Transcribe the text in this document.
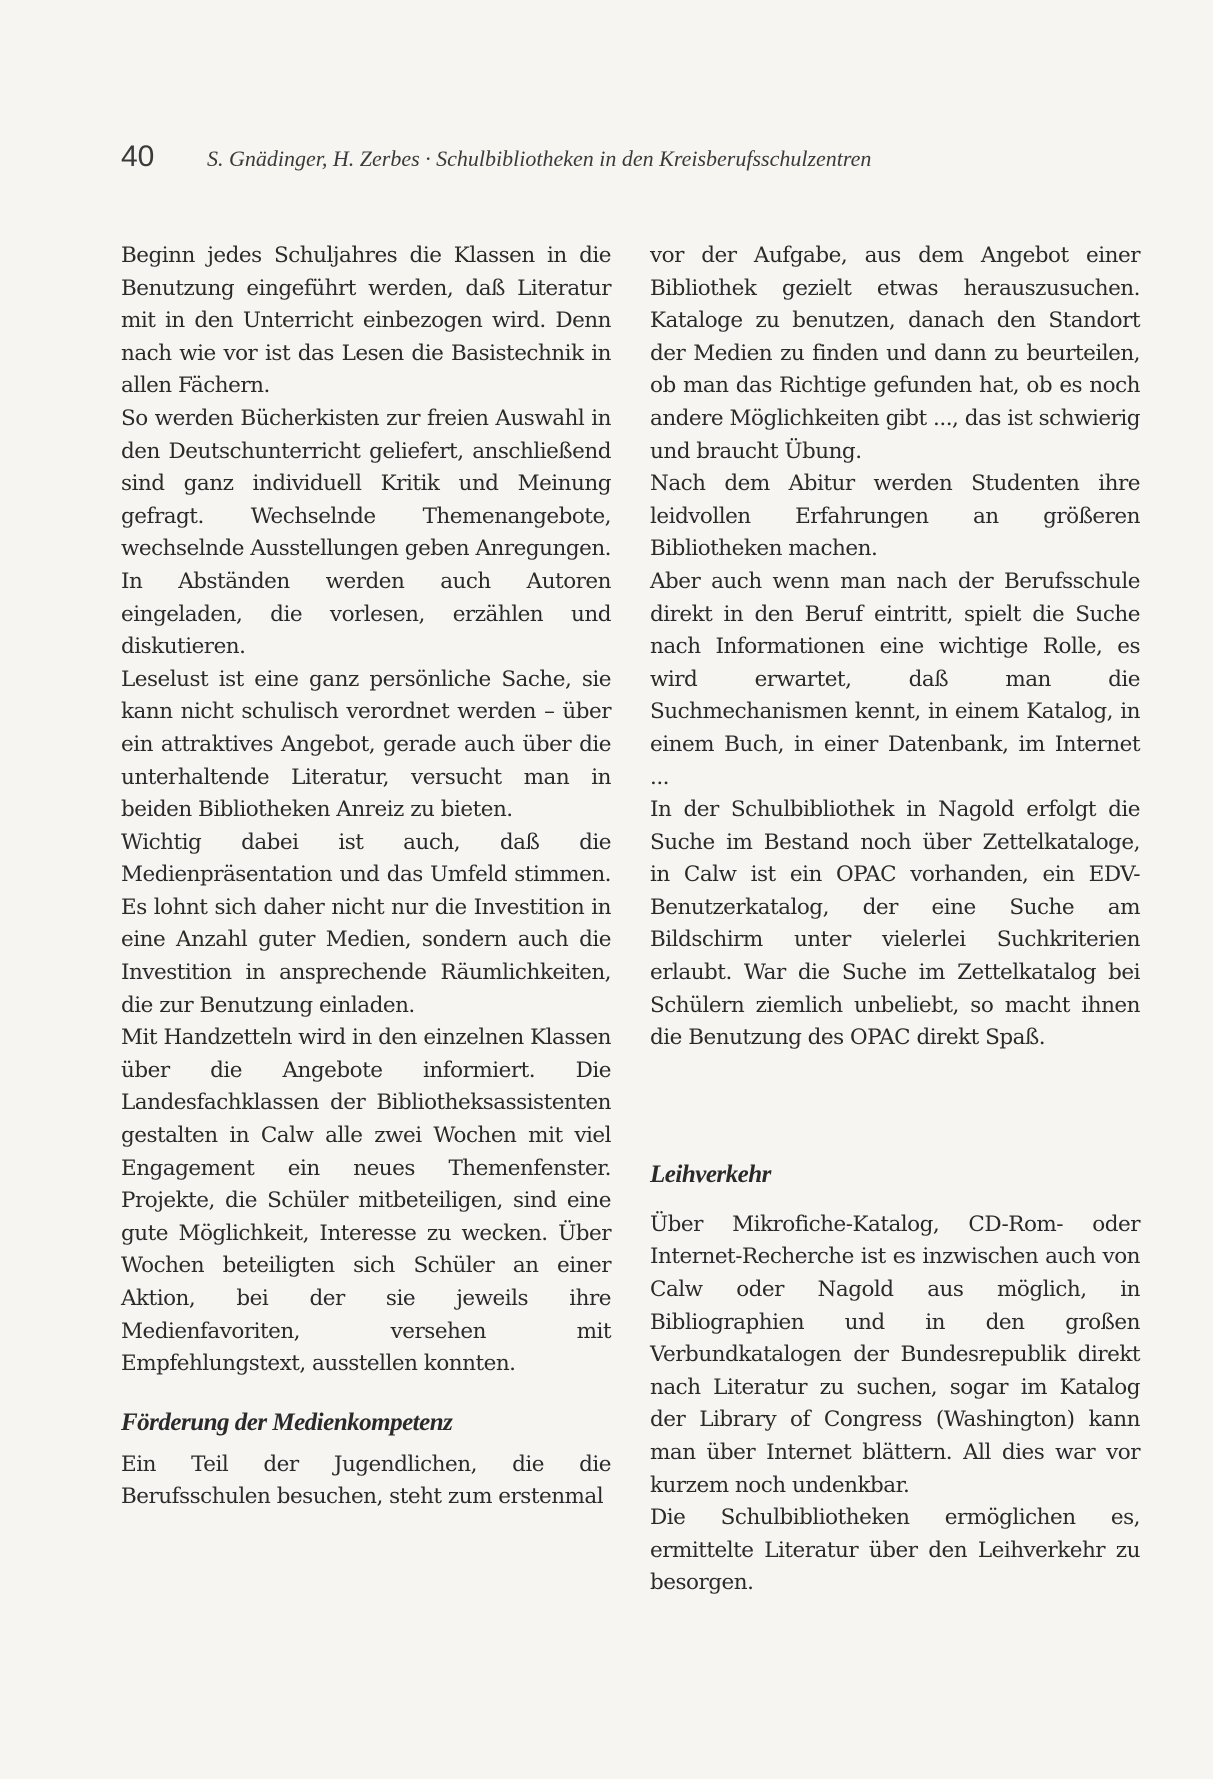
40 S. Gnädinger, H. Zerbes · Schulbibliotheken in den Kreisberufsschulzentren

Beginn jedes Schuljahres die Klassen in die Benutzung eingeführt werden, daß Literatur mit in den Unterricht einbezogen wird. Denn nach wie vor ist das Lesen die Basistechnik in allen Fächern.

So werden Bücherkisten zur freien Auswahl in den Deutschunterricht geliefert, anschließend sind ganz individuell Kritik und Meinung gefragt. Wechselnde Themenangebote, wechselnde Ausstellungen geben Anregungen. In Abständen werden auch Autoren eingeladen, die vorlesen, erzählen und diskutieren.

Leselust ist eine ganz persönliche Sache, sie kann nicht schulisch verordnet werden – über ein attraktives Angebot, gerade auch über die unterhaltende Literatur, versucht man in beiden Bibliotheken Anreiz zu bieten.

Wichtig dabei ist auch, daß die Medienpräsentation und das Umfeld stimmen. Es lohnt sich daher nicht nur die Investition in eine Anzahl guter Medien, sondern auch die Investition in ansprechende Räumlichkeiten, die zur Benutzung einladen.

Mit Handzetteln wird in den einzelnen Klassen über die Angebote informiert. Die Landesfachklassen der Bibliotheksassistenten gestalten in Calw alle zwei Wochen mit viel Engagement ein neues Themenfenster. Projekte, die Schüler mitbeteiligen, sind eine gute Möglichkeit, Interesse zu wecken. Über Wochen beteiligten sich Schüler an einer Aktion, bei der sie jeweils ihre Medienfavoriten, versehen mit Empfehlungstext, ausstellen konnten.

Förderung der Medienkompetenz

Ein Teil der Jugendlichen, die die Berufsschulen besuchen, steht zum erstenmal

vor der Aufgabe, aus dem Angebot einer Bibliothek gezielt etwas herauszusuchen. Kataloge zu benutzen, danach den Standort der Medien zu finden und dann zu beurteilen, ob man das Richtige gefunden hat, ob es noch andere Möglichkeiten gibt ..., das ist schwierig und braucht Übung.

Nach dem Abitur werden Studenten ihre leidvollen Erfahrungen an größeren Bibliotheken machen.

Aber auch wenn man nach der Berufsschule direkt in den Beruf eintritt, spielt die Suche nach Informationen eine wichtige Rolle, es wird erwartet, daß man die Suchmechanismen kennt, in einem Katalog, in einem Buch, in einer Datenbank, im Internet ...

In der Schulbibliothek in Nagold erfolgt die Suche im Bestand noch über Zettelkataloge, in Calw ist ein OPAC vorhanden, ein EDV-Benutzerkatalog, der eine Suche am Bildschirm unter vielerlei Suchkriterien erlaubt. War die Suche im Zettelkatalog bei Schülern ziemlich unbeliebt, so macht ihnen die Benutzung des OPAC direkt Spaß.

Leihverkehr

Über Mikrofiche-Katalog, CD-Rom- oder Internet-Recherche ist es inzwischen auch von Calw oder Nagold aus möglich, in Bibliographien und in den großen Verbundkatalogen der Bundesrepublik direkt nach Literatur zu suchen, sogar im Katalog der Library of Congress (Washington) kann man über Internet blättern. All dies war vor kurzem noch undenkbar.

Die Schulbibliotheken ermöglichen es, ermittelte Literatur über den Leihverkehr zu besorgen.
